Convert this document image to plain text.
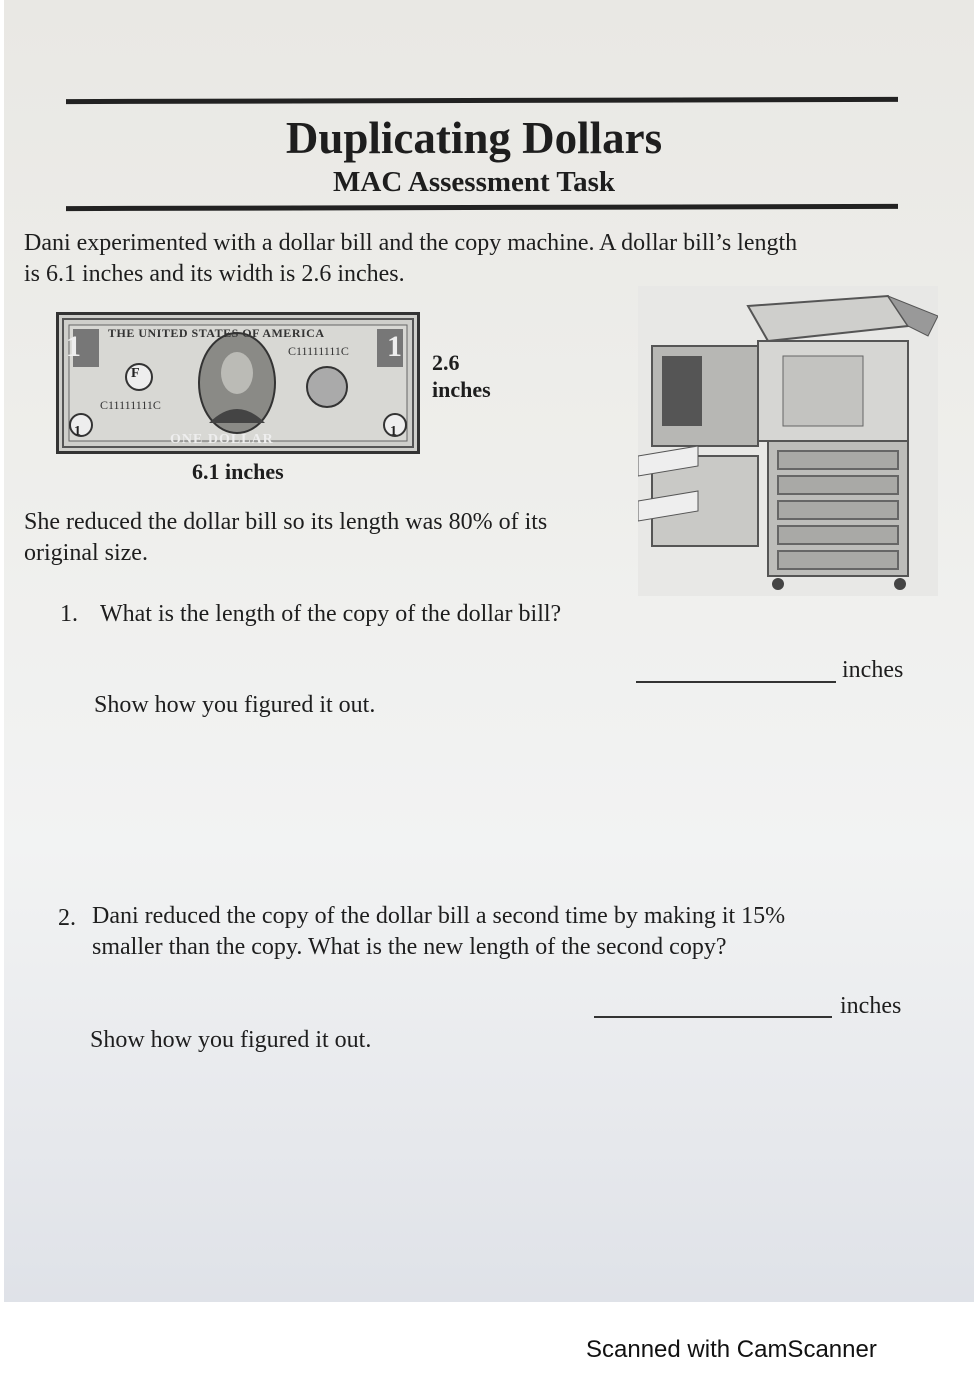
Duplicating Dollars
MAC Assessment Task
Dani experimented with a dollar bill and the copy machine. A dollar bill’s length
is 6.1 inches and its width is 2.6 inches.
THE UNITED STATES OF AMERICA
C11111111C
C11111111C
F
1	1
1	1
ONE DOLLAR
2.6
inches
6.1 inches
She reduced the dollar bill so its length was 80% of its
original size.
1. What is the length of the copy of the dollar bill?
inches
Show how you figured it out.
2. Dani reduced the copy of the dollar bill a second time by making it 15%
smaller than the copy. What is the new length of the second copy?
inches
Show how you figured it out.
Scanned with CamScanner
